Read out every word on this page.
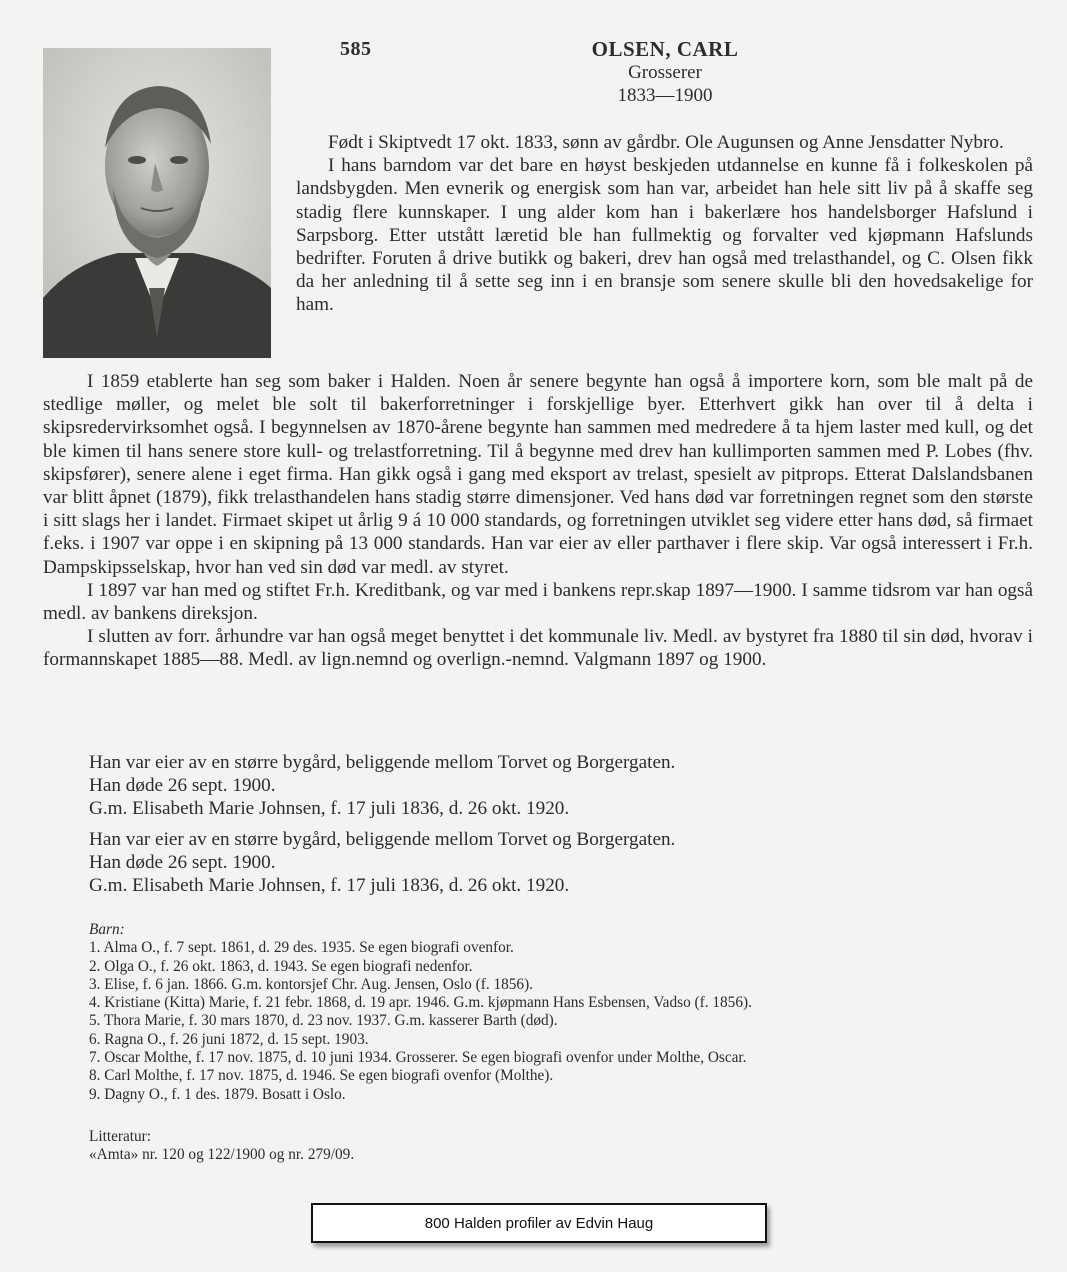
585	OLSEN, CARL
Grosserer
1833—1900

Født i Skiptvedt 17 okt. 1833, sønn av gårdbr. Ole Augunsen og Anne Jensdatter Nybro.

I hans barndom var det bare en høyst beskjeden utdannelse en kunne få i folkeskolen på landsbygden. Men evnerik og energisk som han var, arbeidet han hele sitt liv på å skaffe seg stadig flere kunnskaper. I ung alder kom han i bakerlære hos handelsborger Hafslund i Sarpsborg. Etter utstått læretid ble han fullmektig og forvalter ved kjøpmann Hafslunds bedrifter. Foruten å drive butikk og bakeri, drev han også med trelasthandel, og C. Olsen fikk da her anledning til å sette seg inn i en bransje som senere skulle bli den hovedsakelige for ham.

I 1859 etablerte han seg som baker i Halden. Noen år senere begynte han også å importere korn, som ble malt på de stedlige møller, og melet ble solt til bakerforretninger i forskjellige byer. Etterhvert gikk han over til å delta i skipsredervirksomhet også. I begynnelsen av 1870-årene begynte han sammen med medredere å ta hjem laster med kull, og det ble kimen til hans senere store kull- og trelastforretning. Til å begynne med drev han kullimporten sammen med P. Lobes (fhv. skipsfører), senere alene i eget firma. Han gikk også i gang med eksport av trelast, spesielt av pitprops. Etterat Dalslandsbanen var blitt åpnet (1879), fikk trelasthandelen hans stadig større dimensjoner. Ved hans død var forretningen regnet som den største i sitt slags her i landet. Firmaet skipet ut årlig 9 á 10 000 standards, og forretningen utviklet seg videre etter hans død, så firmaet f.eks. i 1907 var oppe i en skipning på 13 000 standards. Han var eier av eller parthaver i flere skip. Var også interessert i Fr.h. Dampskipsselskap, hvor han ved sin død var medl. av styret.

I 1897 var han med og stiftet Fr.h. Kreditbank, og var med i bankens repr.skap 1897—1900. I samme tidsrom var han også medl. av bankens direksjon.

I slutten av forr. århundre var han også meget benyttet i det kommunale liv. Medl. av bystyret fra 1880 til sin død, hvorav i formannskapet 1885—88. Medl. av lign.nemnd og overlign.-nemnd. Valgmann 1897 og 1900.

Han var eier av en større bygård, beliggende mellom Torvet og Borgergaten.

Han døde 26 sept. 1900.

G.m. Elisabeth Marie Johnsen, f. 17 juli 1836, d. 26 okt. 1920.

Han var eier av en større bygård, beliggende mellom Torvet og Borgergaten.

Han døde 26 sept. 1900.

G.m. Elisabeth Marie Johnsen, f. 17 juli 1836, d. 26 okt. 1920.

Barn:
1. Alma O., f. 7 sept. 1861, d. 29 des. 1935. Se egen biografi ovenfor.
2. Olga O., f. 26 okt. 1863, d. 1943. Se egen biografi nedenfor.
3. Elise, f. 6 jan. 1866. G.m. kontorsjef Chr. Aug. Jensen, Oslo (f. 1856).
4. Kristiane (Kitta) Marie, f. 21 febr. 1868, d. 19 apr. 1946. G.m. kjøpmann Hans Esbensen, Vadso (f. 1856).
5. Thora Marie, f. 30 mars 1870, d. 23 nov. 1937. G.m. kasserer Barth (død).
6. Ragna O., f. 26 juni 1872, d. 15 sept. 1903.
7. Oscar Molthe, f. 17 nov. 1875, d. 10 juni 1934. Grosserer. Se egen biografi ovenfor under Molthe, Oscar.
8. Carl Molthe, f. 17 nov. 1875, d. 1946. Se egen biografi ovenfor (Molthe).
9. Dagny O., f. 1 des. 1879. Bosatt i Oslo.
Litteratur:
«Amta» nr. 120 og 122/1900 og nr. 279/09.
800 Halden profiler av Edvin Haug
